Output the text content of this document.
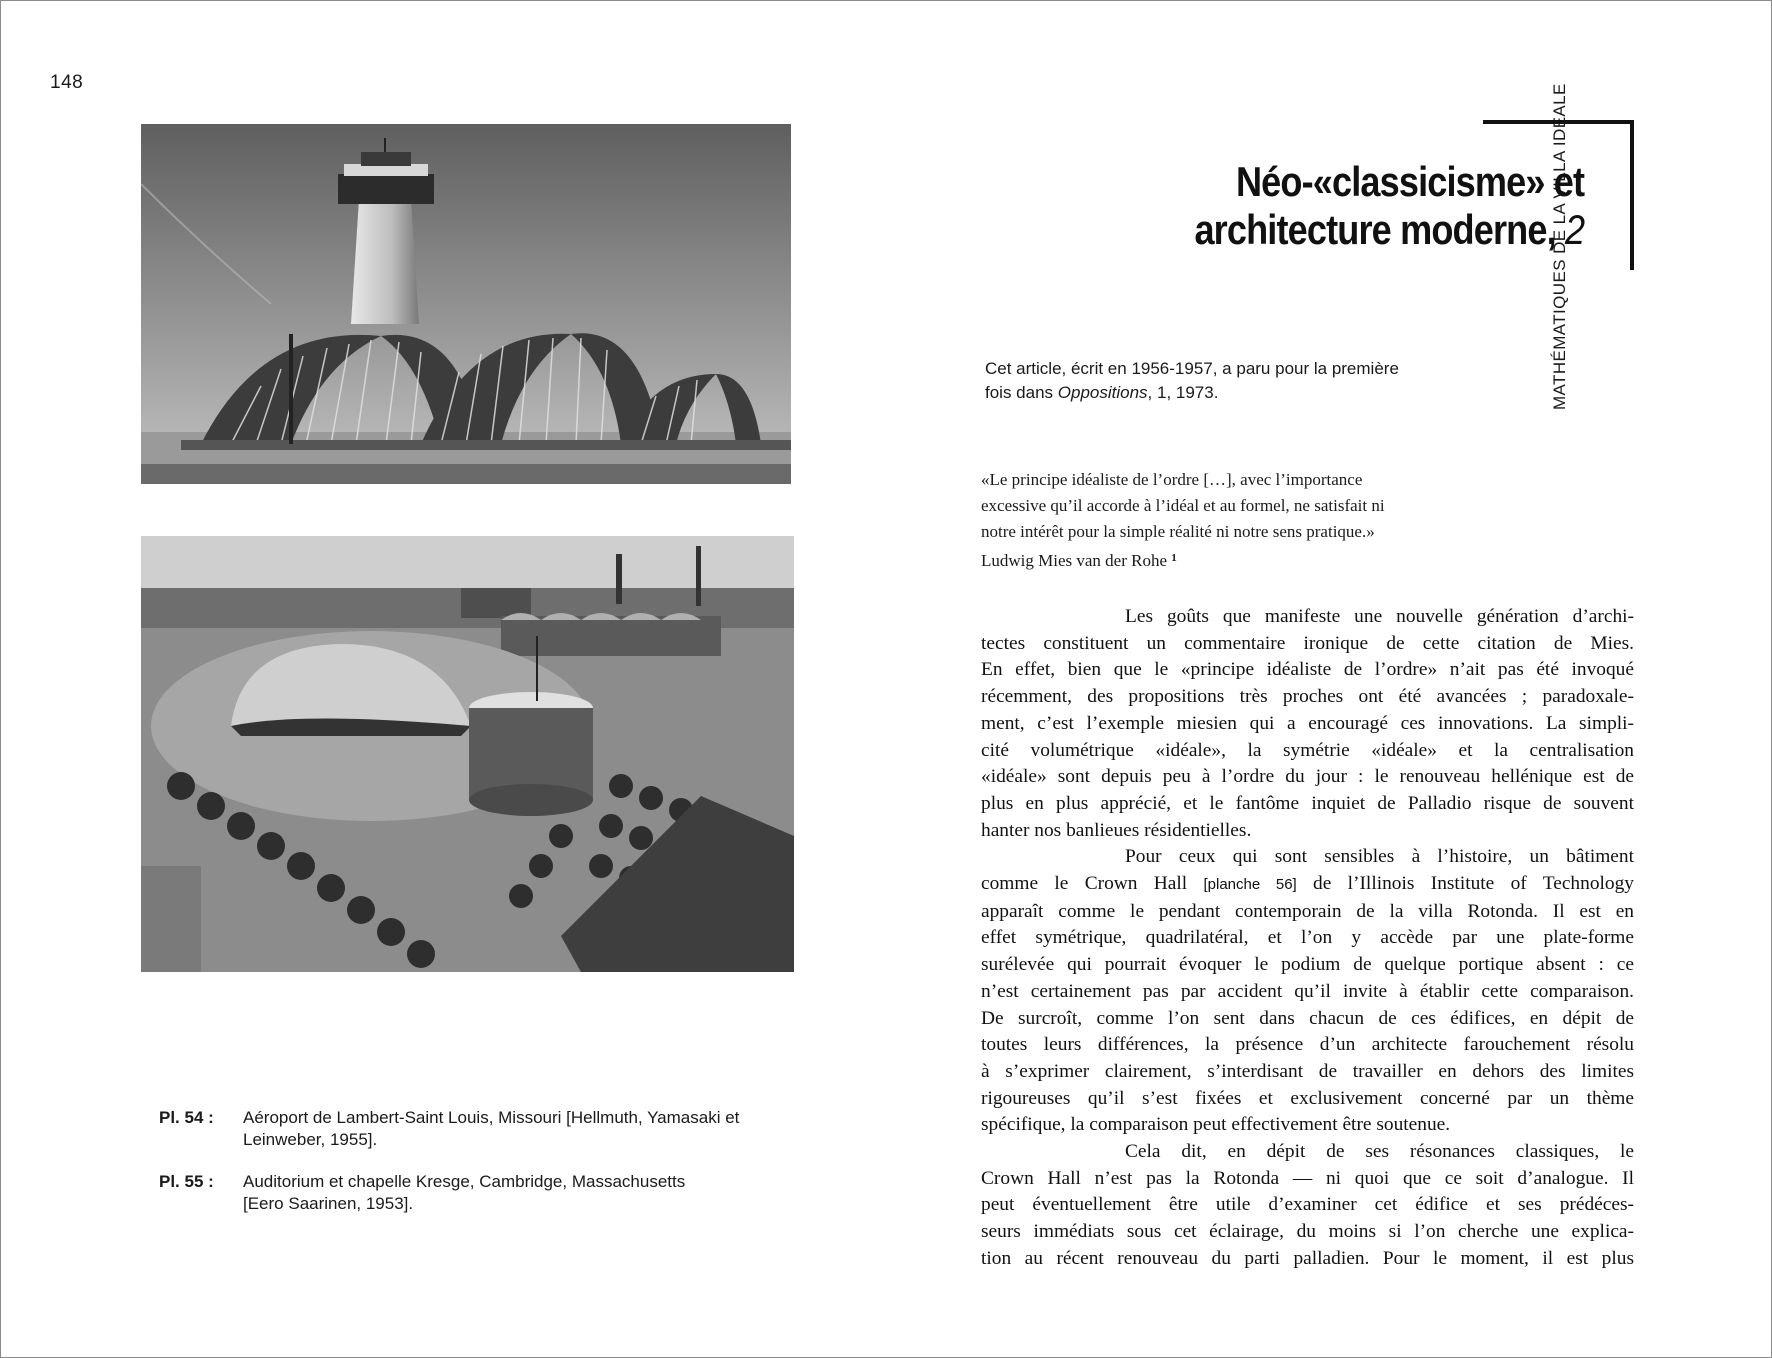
148
MATHÉMATIQUES DE LA VILLA IDÉALE
Néo-«classicisme» et
architecture moderne, 2
Cet article, écrit en 1956-1957, a paru pour la première fois dans Oppositions, 1, 1973.
«Le principe idéaliste de l’ordre […], avec l’importance
excessive qu’il accorde à l’idéal et au formel, ne satisfait ni
notre intérêt pour la simple réalité ni notre sens pratique.»
Ludwig Mies van der Rohe $^1$
Les goûts que manifeste une nouvelle génération d’archi-
tectes constituent un commentaire ironique de cette citation de Mies.
En effet, bien que le «principe idéaliste de l’ordre» n’ait pas été invoqué
récemment, des propositions très proches ont été avancées ; paradoxale-
ment, c’est l’exemple miesien qui a encouragé ces innovations. La simpli-
cité volumétrique «idéale», la symétrie «idéale» et la centralisation
«idéale» sont depuis peu à l’ordre du jour : le renouveau hellénique est de
plus en plus apprécié, et le fantôme inquiet de Palladio risque de souvent
hanter nos banlieues résidentielles.
Pour ceux qui sont sensibles à l’histoire, un bâtiment
comme le Crown Hall [planche 56] de l’Illinois Institute of Technology
apparaît comme le pendant contemporain de la villa Rotonda. Il est en
effet symétrique, quadrilatéral, et l’on y accède par une plate-forme
surélevée qui pourrait évoquer le podium de quelque portique absent : ce
n’est certainement pas par accident qu’il invite à établir cette comparaison.
De surcroît, comme l’on sent dans chacun de ces édifices, en dépit de
toutes leurs différences, la présence d’un architecte farouchement résolu
à s’exprimer clairement, s’interdisant de travailler en dehors des limites
rigoureuses qu’il s’est fixées et exclusivement concerné par un thème
spécifique, la comparaison peut effectivement être soutenue.
Cela dit, en dépit de ses résonances classiques, le
Crown Hall n’est pas la Rotonda — ni quoi que ce soit d’analogue. Il
peut éventuellement être utile d’examiner cet édifice et ses prédéces-
seurs immédiats sous cet éclairage, du moins si l’on cherche une explica-
tion au récent renouveau du parti palladien. Pour le moment, il est plus
Pl. 54 : Aéroport de Lambert-Saint Louis, Missouri [Hellmuth, Yamasaki et
Leinweber, 1955].
Pl. 55 : Auditorium et chapelle Kresge, Cambridge, Massachusetts
[Eero Saarinen, 1953].
